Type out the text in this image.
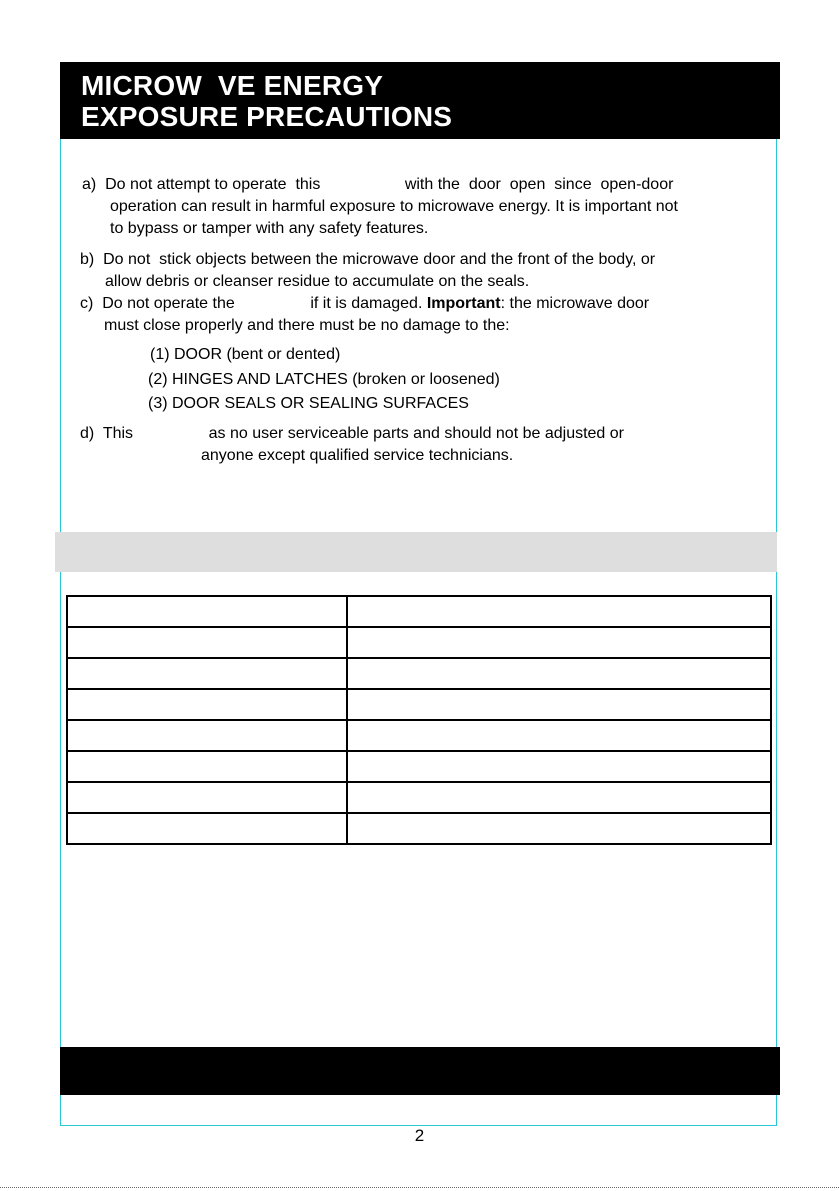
MICROW  VE ENERGY
EXPOSURE PRECAUTIONS
a)  Do not attempt to operate  this                   with the  door  open  since  open-door
operation can result in harmful exposure to microwave energy. It is important not
to bypass or tamper with any safety features.
b)  Do not  stick objects between the microwave door and the front of the body, or
allow debris or cleanser residue to accumulate on the seals.
c)  Do not operate the                 if it is damaged. Important: the microwave door
must close properly and there must be no damage to the:
(1) DOOR (bent or dented)
(2) HINGES AND LATCHES (broken or loosened)
(3) DOOR SEALS OR SEALING SURFACES
d)  This                 as no user serviceable parts and should not be adjusted or
anyone except qualified service technicians.

2
